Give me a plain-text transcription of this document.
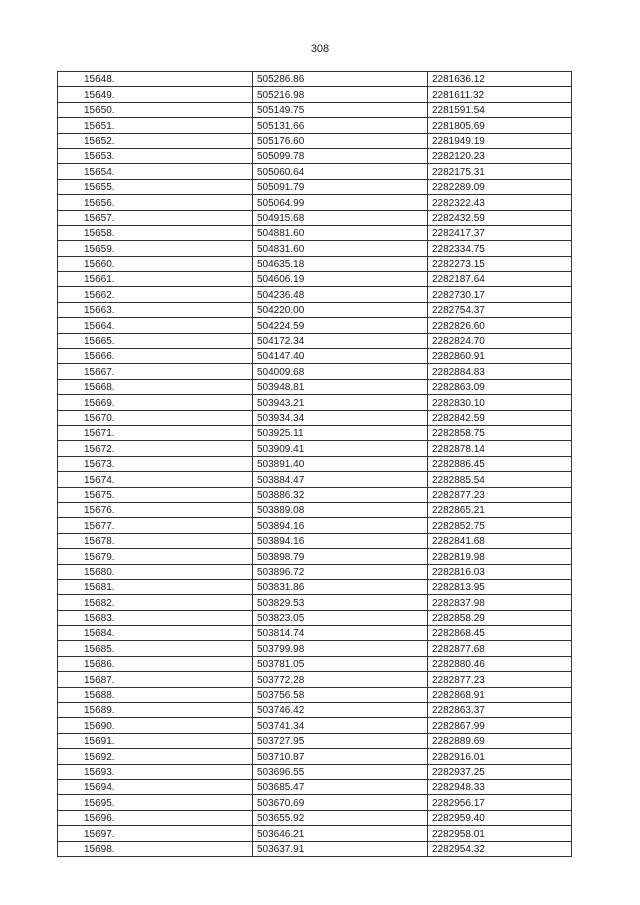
308
15648.	505286.86	2281636.12
15649.	505216.98	2281611.32
15650.	505149.75	2281591.54
15651.	505131.66	2281805.69
15652.	505176.60	2281949.19
15653.	505099.78	2282120.23
15654.	505060.64	2282175.31
15655.	505091.79	2282289.09
15656.	505064.99	2282322.43
15657.	504915.68	2282432.59
15658.	504881.60	2282417.37
15659.	504831.60	2282334.75
15660.	504635.18	2282273.15
15661.	504606.19	2282187.64
15662.	504236.48	2282730.17
15663.	504220.00	2282754.37
15664.	504224.59	2282826.60
15665.	504172.34	2282824.70
15666.	504147.40	2282860.91
15667.	504009.68	2282884.83
15668.	503948.81	2282863.09
15669.	503943.21	2282830.10
15670.	503934.34	2282842.59
15671.	503925.11	2282858.75
15672.	503909.41	2282878.14
15673.	503891.40	2282886.45
15674.	503884.47	2282885.54
15675.	503886.32	2282877.23
15676.	503889.08	2282865.21
15677.	503894.16	2282852.75
15678.	503894.16	2282841.68
15679.	503898.79	2282819.98
15680.	503896.72	2282816.03
15681.	503831.86	2282813.95
15682.	503829.53	2282837.98
15683.	503823.05	2282858.29
15684.	503814.74	2282868.45
15685.	503799.98	2282877.68
15686.	503781.05	2282880.46
15687.	503772.28	2282877.23
15688.	503756.58	2282868.91
15689.	503746.42	2282863.37
15690.	503741.34	2282867.99
15691.	503727.95	2282889.69
15692.	503710.87	2282916.01
15693.	503696.55	2282937.25
15694.	503685.47	2282948.33
15695.	503670.69	2282956.17
15696.	503655.92	2282959.40
15697.	503646.21	2282958.01
15698.	503637.91	2282954.32
